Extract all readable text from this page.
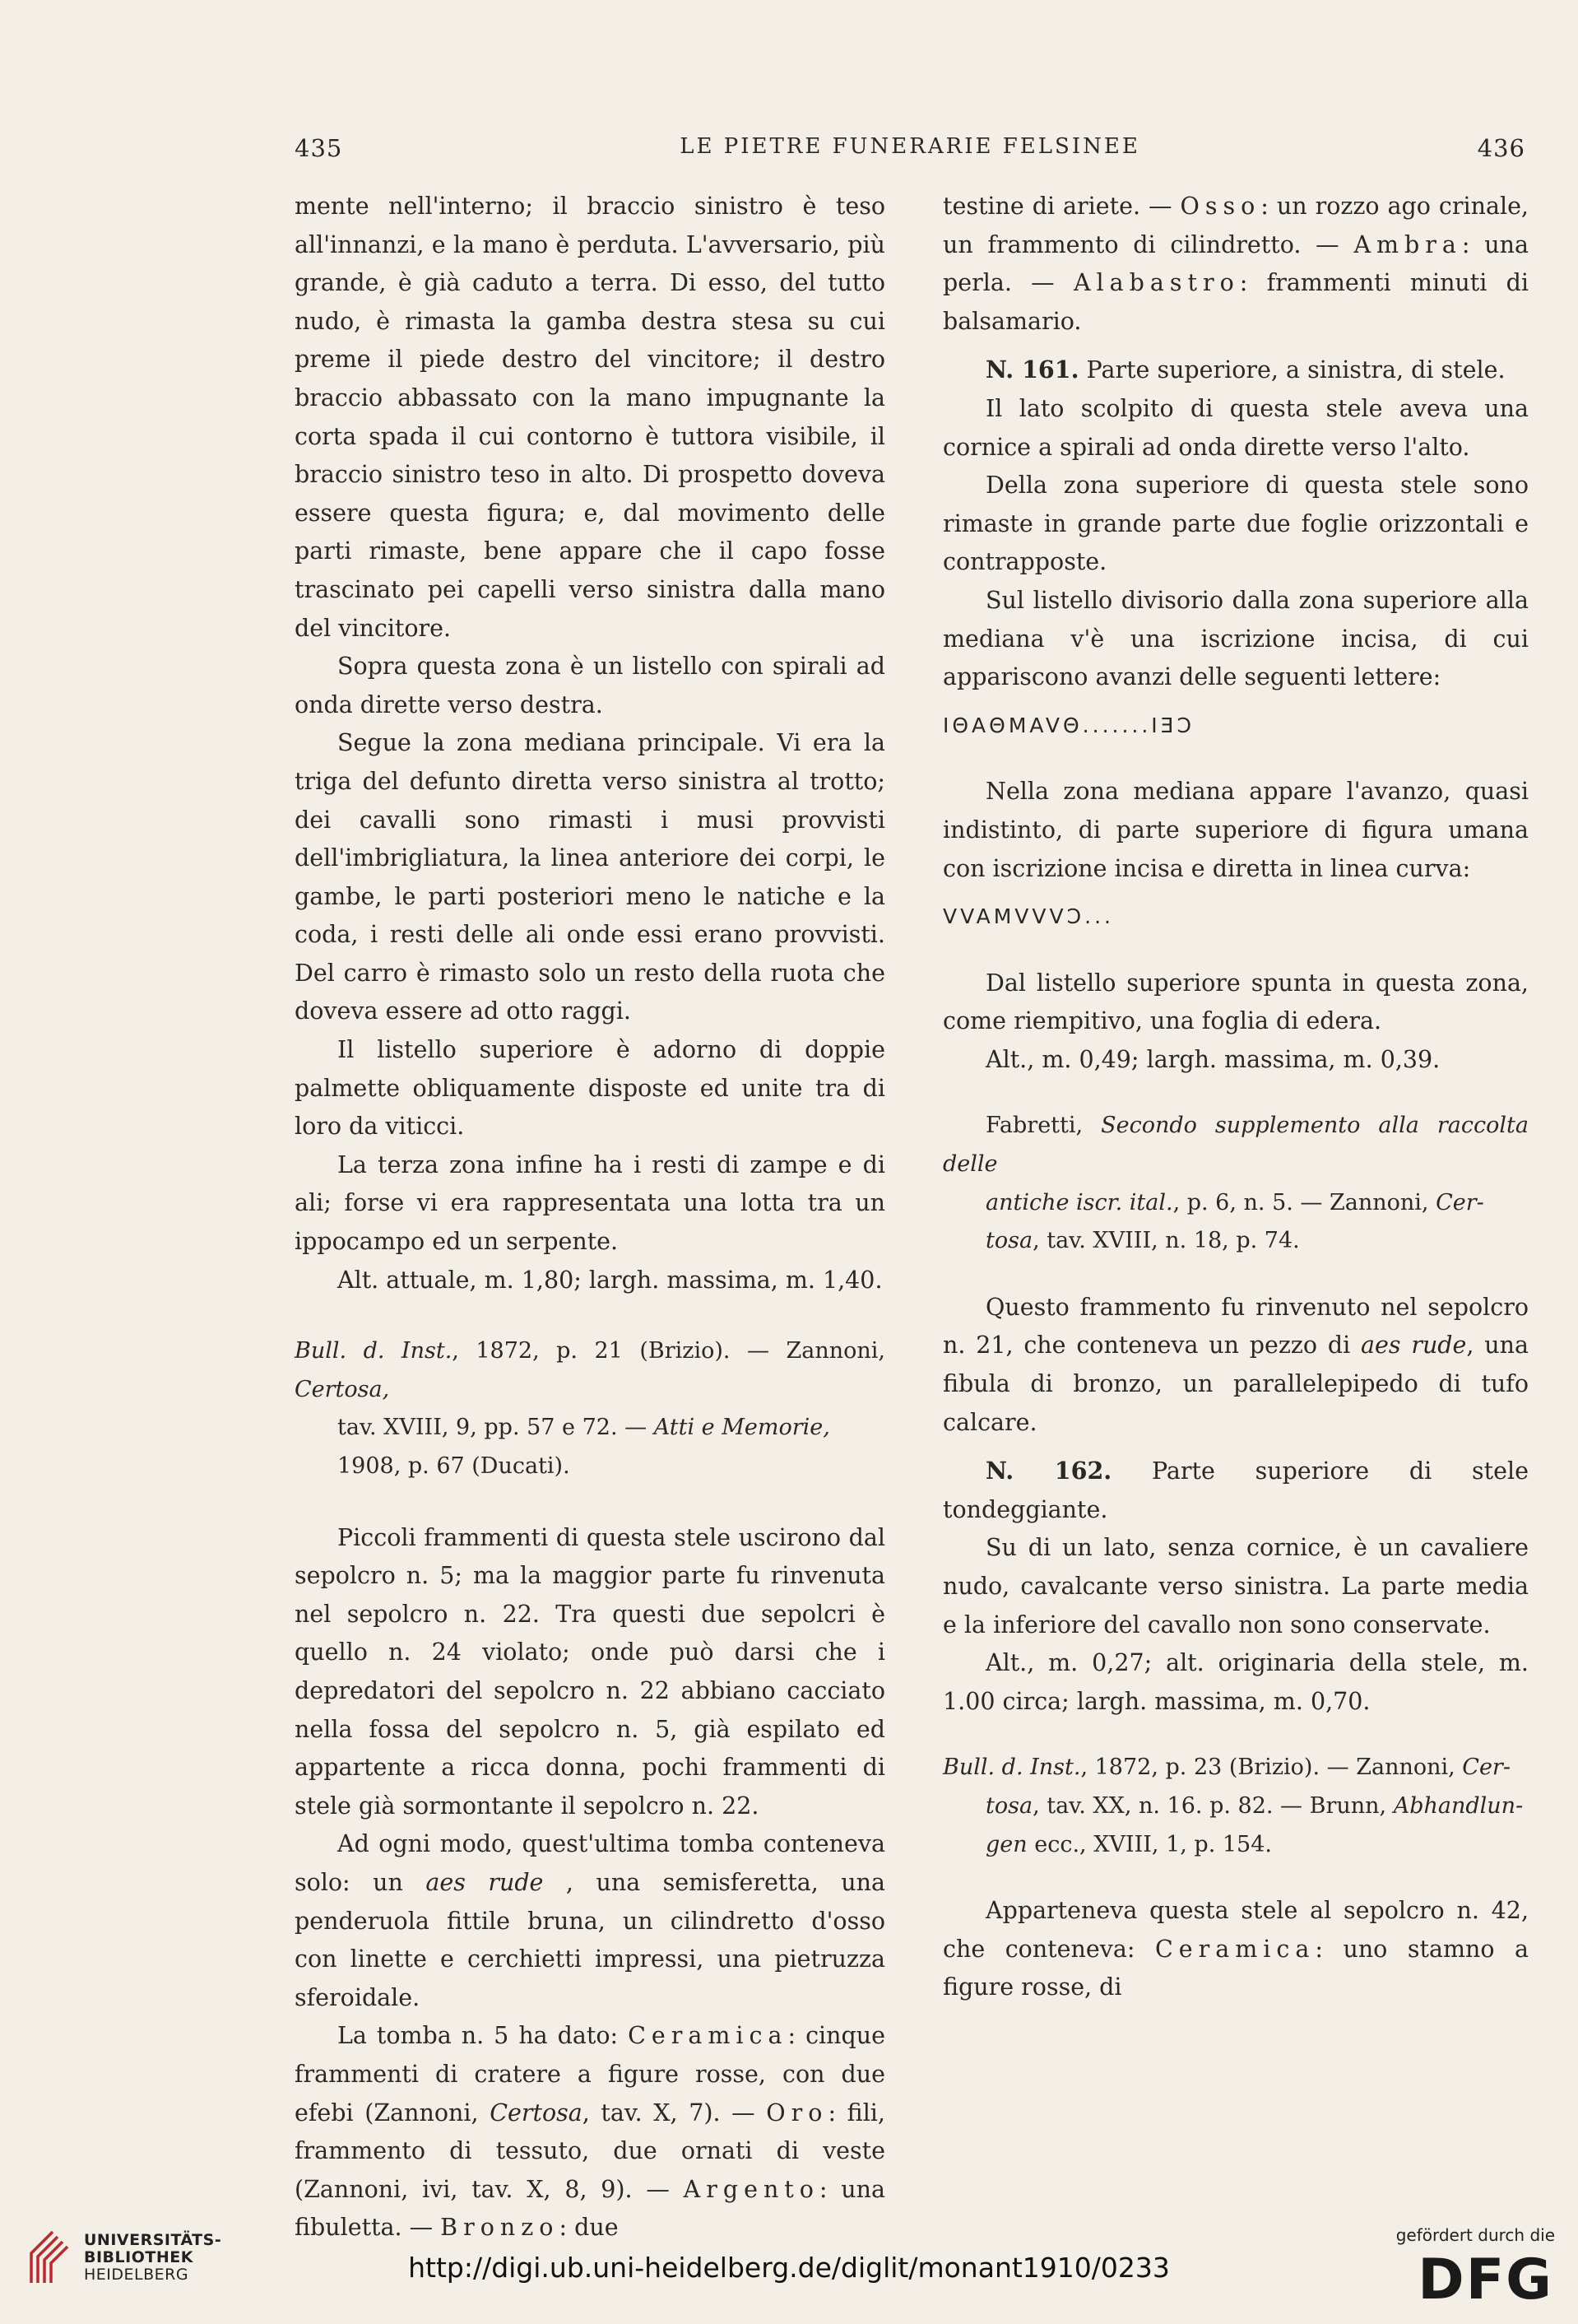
435	LE PIETRE FUNERARIE FELSINEE	436

mente nell'interno; il braccio sinistro è teso all'innanzi, e la mano è perduta. L'avversario, più grande, è già caduto a terra. Di esso, del tutto nudo, è rimasta la gamba destra stesa su cui preme il piede destro del vincitore; il destro braccio abbassato con la mano impugnante la corta spada il cui contorno è tuttora visibile, il braccio sinistro teso in alto. Di prospetto doveva essere questa figura; e, dal movimento delle parti rimaste, bene appare che il capo fosse trascinato pei capelli verso sinistra dalla mano del vincitore.

Sopra questa zona è un listello con spirali ad onda dirette verso destra.

Segue la zona mediana principale. Vi era la triga del defunto diretta verso sinistra al trotto; dei cavalli sono rimasti i musi provvisti dell'imbrigliatura, la linea anteriore dei corpi, le gambe, le parti posteriori meno le natiche e la coda, i resti delle ali onde essi erano provvisti. Del carro è rimasto solo un resto della ruota che doveva essere ad otto raggi.

Il listello superiore è adorno di doppie palmette obliquamente disposte ed unite tra di loro da viticci.

La terza zona infine ha i resti di zampe e di ali; forse vi era rappresentata una lotta tra un ippocampo ed un serpente.

Alt. attuale, m. 1,80; largh. massima, m. 1,40.

Bull. d. Inst., 1872, p. 21 (Brizio). — Zannoni, Certosa,

tav. XVIII, 9, pp. 57 e 72. — Atti e Memorie,

1908, p. 67 (Ducati).

Piccoli frammenti di questa stele uscirono dal sepolcro n. 5; ma la maggior parte fu rinvenuta nel sepolcro n. 22. Tra questi due sepolcri è quello n. 24 violato; onde può darsi che i depredatori del sepolcro n. 22 abbiano cacciato nella fossa del sepolcro n. 5, già espilato ed appartente a ricca donna, pochi frammenti di stele già sormontante il sepolcro n. 22.

Ad ogni modo, quest'ultima tomba conteneva solo: un aes rude , una semisferetta, una penderuola fittile bruna, un cilindretto d'osso con linette e cerchietti impressi, una pietruzza sferoidale.

La tomba n. 5 ha dato: Ceramica: cinque frammenti di cratere a figure rosse, con due efebi (Zannoni, Certosa, tav. X, 7). — Oro: fili, frammento di tessuto, due ornati di veste (Zannoni, ivi, tav. X, 8, 9). — Argento: una fibuletta. — Bronzo: due

testine di ariete. — Osso: un rozzo ago crinale, un frammento di cilindretto. — Ambra: una perla. — Alabastro: frammenti minuti di balsamario.

N. 161. Parte superiore, a sinistra, di stele.

Il lato scolpito di questa stele aveva una cornice a spirali ad onda dirette verso l'alto.

Della zona superiore di questa stele sono rimaste in grande parte due foglie orizzontali e contrapposte.

Sul listello divisorio dalla zona superiore alla mediana v'è una iscrizione incisa, di cui appariscono avanzi delle seguenti lettere:

IΘAΘMAVΘ.......IƎƆ

Nella zona mediana appare l'avanzo, quasi indistinto, di parte superiore di figura umana con iscrizione incisa e diretta in linea curva:

VVAMVVVƆ...

Dal listello superiore spunta in questa zona, come riempitivo, una foglia di edera.

Alt., m. 0,49; largh. massima, m. 0,39.

Fabretti, Secondo supplemento alla raccolta delle

antiche iscr. ital., p. 6, n. 5. — Zannoni, Cer-

tosa, tav. XVIII, n. 18, p. 74.

Questo frammento fu rinvenuto nel sepolcro n. 21, che conteneva un pezzo di aes rude, una fibula di bronzo, un parallelepipedo di tufo calcare.

N. 162. Parte superiore di stele tondeggiante.

Su di un lato, senza cornice, è un cavaliere nudo, cavalcante verso sinistra. La parte media e la inferiore del cavallo non sono conservate.

Alt., m. 0,27; alt. originaria della stele, m. 1.00 circa; largh. massima, m. 0,70.

Bull. d. Inst., 1872, p. 23 (Brizio). — Zannoni, Cer-

tosa, tav. XX, n. 16. p. 82. — Brunn, Abhandlun-

gen ecc., XVIII, 1, p. 154.

Apparteneva questa stele al sepolcro n. 42, che conteneva: Ceramica: uno stamno a figure rosse, di

UNIVERSITÄTS-
BIBLIOTHEK
HEIDELBERG	http://digi.ub.uni-heidelberg.de/diglit/monant1910/0233
gefördert durch die
DFG
